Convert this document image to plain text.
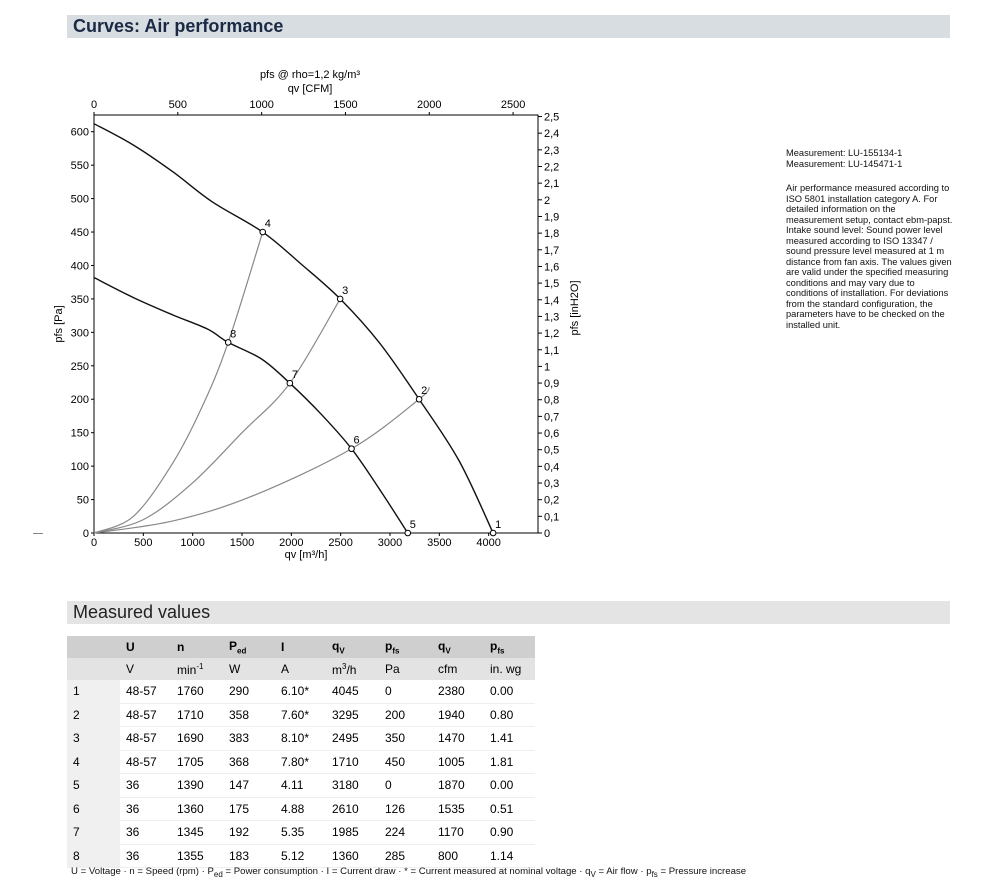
Curves: Air performance
0	500	1000 1500 2000 2500 3000 3500 4000
0	500	1000	1500	2000	2500
0
50
100
150
200
250
300
350
400
450
500
550
600
0
0,1
0,2
0,3
0,4
0,5
0,6
0,7
0,8
0,9
1
1,1
1,2
1,3
1,4
1,5
1,6
1,7
1,8
1,9
2
2,1
2,2
2,3
2,4
2,5
pfs @ rho=1,2 kg/m³
qv [CFM]
qv [m³/h]
pfs [Pa]	pfs [inH2O]
1
2
3
4
5
6
7
8
Measurement: LU-155134-1
Measurement: LU-145471-1
Air performance measured according to ISO 5801 installation category A. For detailed information on the measurement setup, contact ebm-papst. Intake sound level: Sound power level measured according to ISO 13347 / sound pressure level measured at 1 m distance from fan axis. The values given are valid under the specified measuring conditions and may vary due to conditions of installation. For deviations from the standard configuration, the parameters have to be checked on the installed unit.
Measured values
	U	n	$P_{ed}$	I	$q_V$	$p_{fs}$	$q_V$	$p_{fs}$
	V	$\min^{-1}$	W	A	$m^3/h$	Pa	cfm	in. wg
1	48-57	1760	290	6.10*	4045	0	2380	0.00
2	48-57	1710	358	7.60*	3295	200	1940	0.80
3	48-57	1690	383	8.10*	2495	350	1470	1.41
4	48-57	1705	368	7.80*	1710	450	1005	1.81
5	36	1390	147	4.11	3180	0	1870	0.00
6	36	1360	175	4.88	2610	126	1535	0.51
7	36	1345	192	5.35	1985	224	1170	0.90
8	36	1355	183	5.12	1360	285	800	1.14
U = Voltage · n = Speed $(rpm) \cdot P_{ed}$ = Power consumption · I = Current draw · * = Current measured at nominal voltage · $q_V$ = Air flow · $p_{fs}$ = Pressure increase
